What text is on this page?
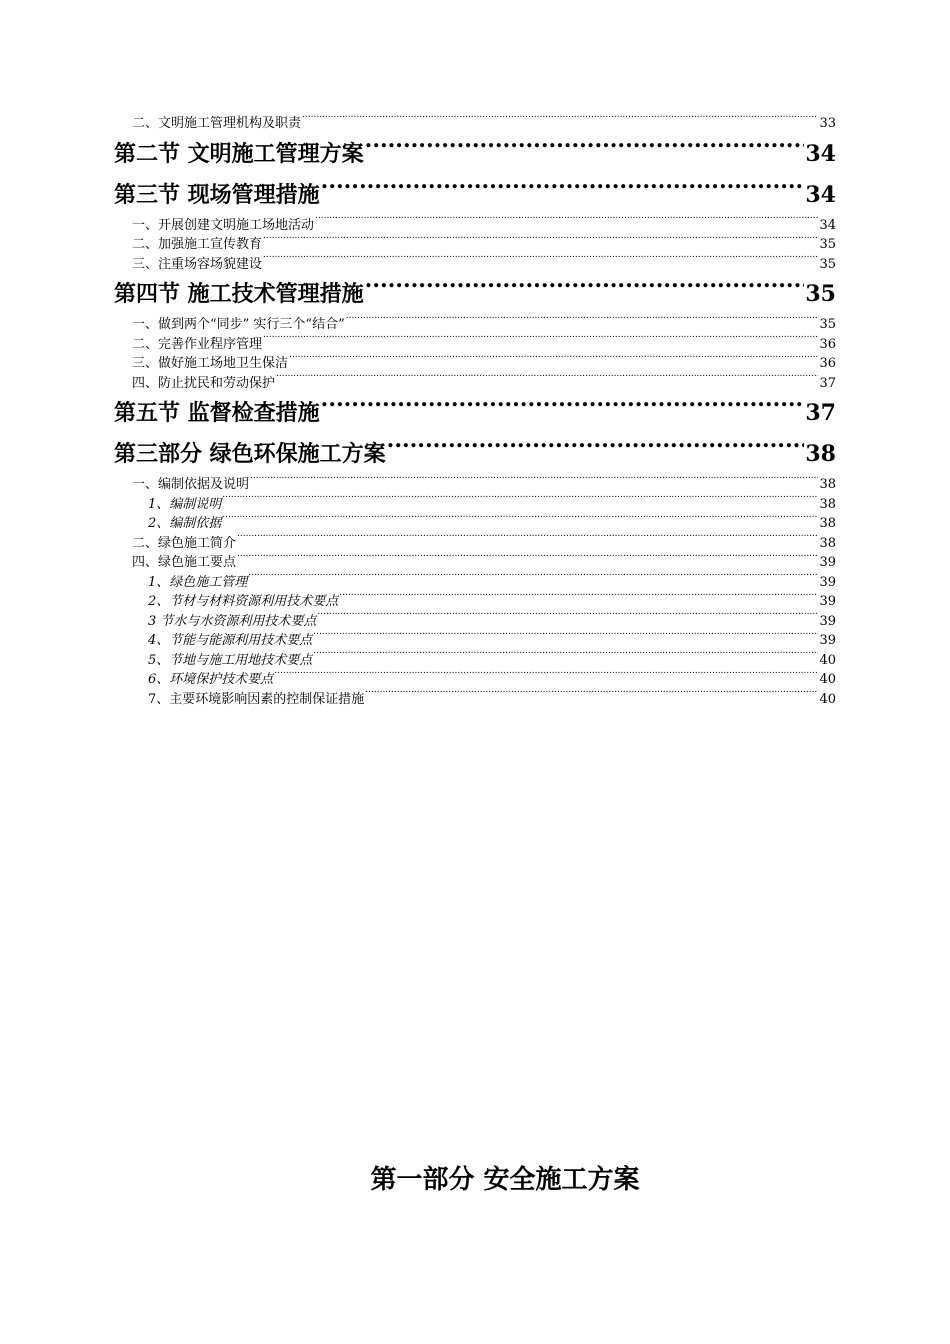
二、文明施工管理机构及职责 .....	33
第二节 文明施工管理方案 .....	34
第三节 现场管理措施 .....	34
一、开展创建文明施工场地活动 .....	34
二、加强施工宣传教育 .....	35
三、注重场容场貌建设 .....	35
第四节 施工技术管理措施 .....	35
一、做到两个“同步” 实行三个“结合” .....	35
二、完善作业程序管理 .....	36
三、做好施工场地卫生保洁 .....	36
四、防止扰民和劳动保护 .....	37
第五节 监督检查措施 .....	37
第三部分 绿色环保施工方案 .....	38
一、编制依据及说明 .....	38
1、编制说明 .....	38
2、编制依据 .....	38
二、绿色施工简介 .....	38
四、绿色施工要点 .....	39
1、绿色施工管理 .....	39
2、节材与材料资源利用技术要点 .....	39
3 节水与水资源利用技术要点 .....	39
4、节能与能源利用技术要点 .....	39
5、节地与施工用地技术要点 .....	40
6、环境保护技术要点 .....	40
7、主要环境影响因素的控制保证措施 .....	40
第一部分 安全施工方案
